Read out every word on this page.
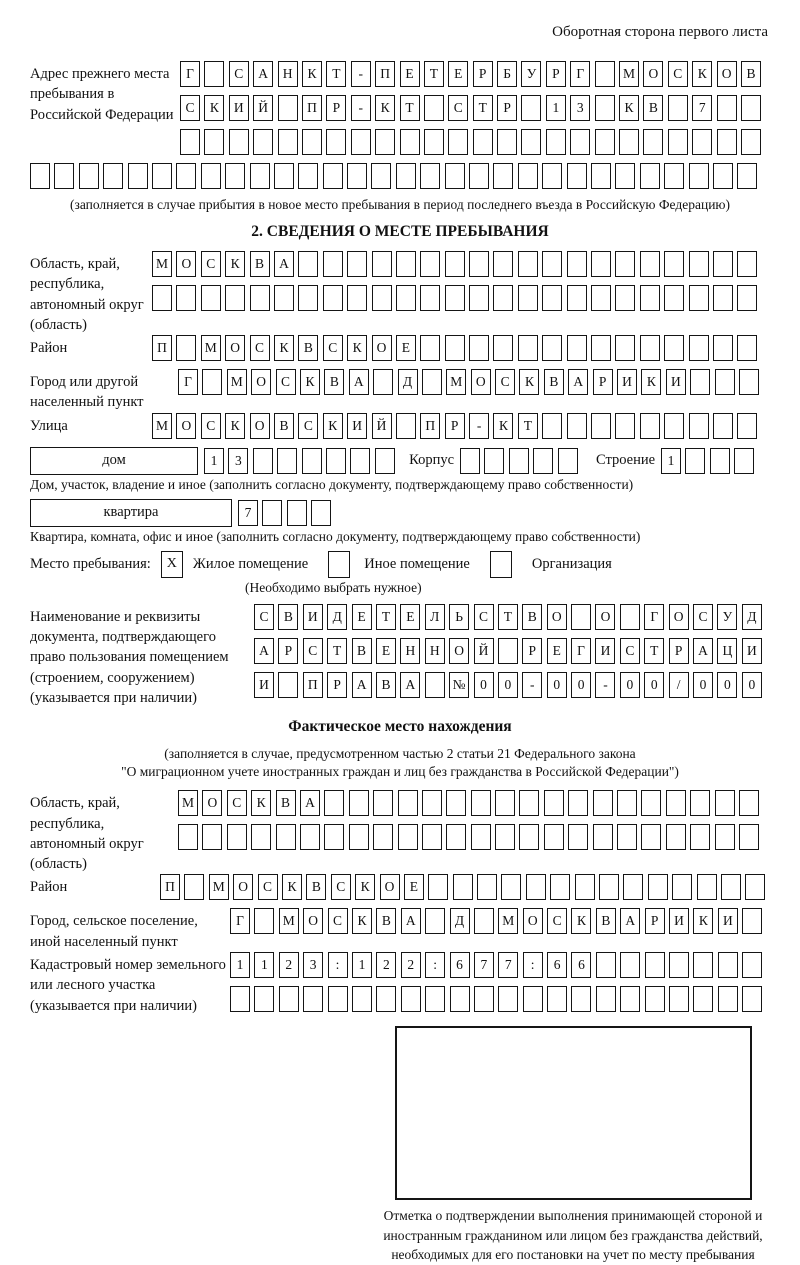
Оборотная сторона первого листа
Адрес прежнего места пребывания в Российской Федерации
Г	С	А	Н	К	Т	-	П	Е	Т	Е	Р	Б	У	Р	Г	М	О	С	К	О	В
С	К	И	Й	П	Р	-	К	Т	С	Т	Р	1	3	К	В	7
(заполняется в случае прибытия в новое место пребывания в период последнего въезда в Российскую Федерацию)
2. СВЕДЕНИЯ О МЕСТЕ ПРЕБЫВАНИЯ
Область, край, республика, автономный округ (область)
М	О	С	К	В	А
Район	П	М	О	С	К	В	С	К	О	Е
Город или другой населенный пункт
Г	М	О	С	К	В	А	Д	М	О	С	К	В	А	Р	И	К	И
Улица	М	О	С	К	О	В	С	К	И	Й	П	Р	-	К	Т
дом	1	3	Корпус	Строение 1
Дом, участок, владение и иное (заполнить согласно документу, подтверждающему право собственности)
квартира	7
Квартира, комната, офис и иное (заполнить согласно документу, подтверждающему право собственности)
Место пребывания:	X	Жилое помещение	Иное помещение	Организация
(Необходимо выбрать нужное)
Наименование и реквизиты документа, подтверждающего право пользования помещением (строением, сооружением) (указывается при наличии)
С	В	И	Д	Е	Т	Е	Л	Ь	С	Т	В	О	О	Г	О	С	У	Д
А	Р	С	Т	В	Е	Н	Н	О	Й	Р	Е	Г	И	С	Т	Р	А	Ц	И
И	П	Р	А	В	А	№	0	0	-	0	0	-	0	0	/	0	0	0
Фактическое место нахождения
(заполняется в случае, предусмотренном частью 2 статьи 21 Федерального закона
"О миграционном учете иностранных граждан и лиц без гражданства в Российской Федерации")
Область, край, республика, автономный округ (область)
М	О	С	К	В	А
Район	П	М	О	С	К	В	С	К	О	Е
Город, сельское поселение, иной населенный пункт
Г	М	О	С	К	В	А	Д	М	О	С	К	В	А	Р	И	К	И
Кадастровый номер земельного или лесного участка (указывается при наличии)
1	1	2	3	:	1	2	2	:	6	7	7	:	6	6
Отметка о подтверждении выполнения принимающей стороной и иностранным гражданином или лицом без гражданства действий, необходимых для его постановки на учет по месту пребывания
